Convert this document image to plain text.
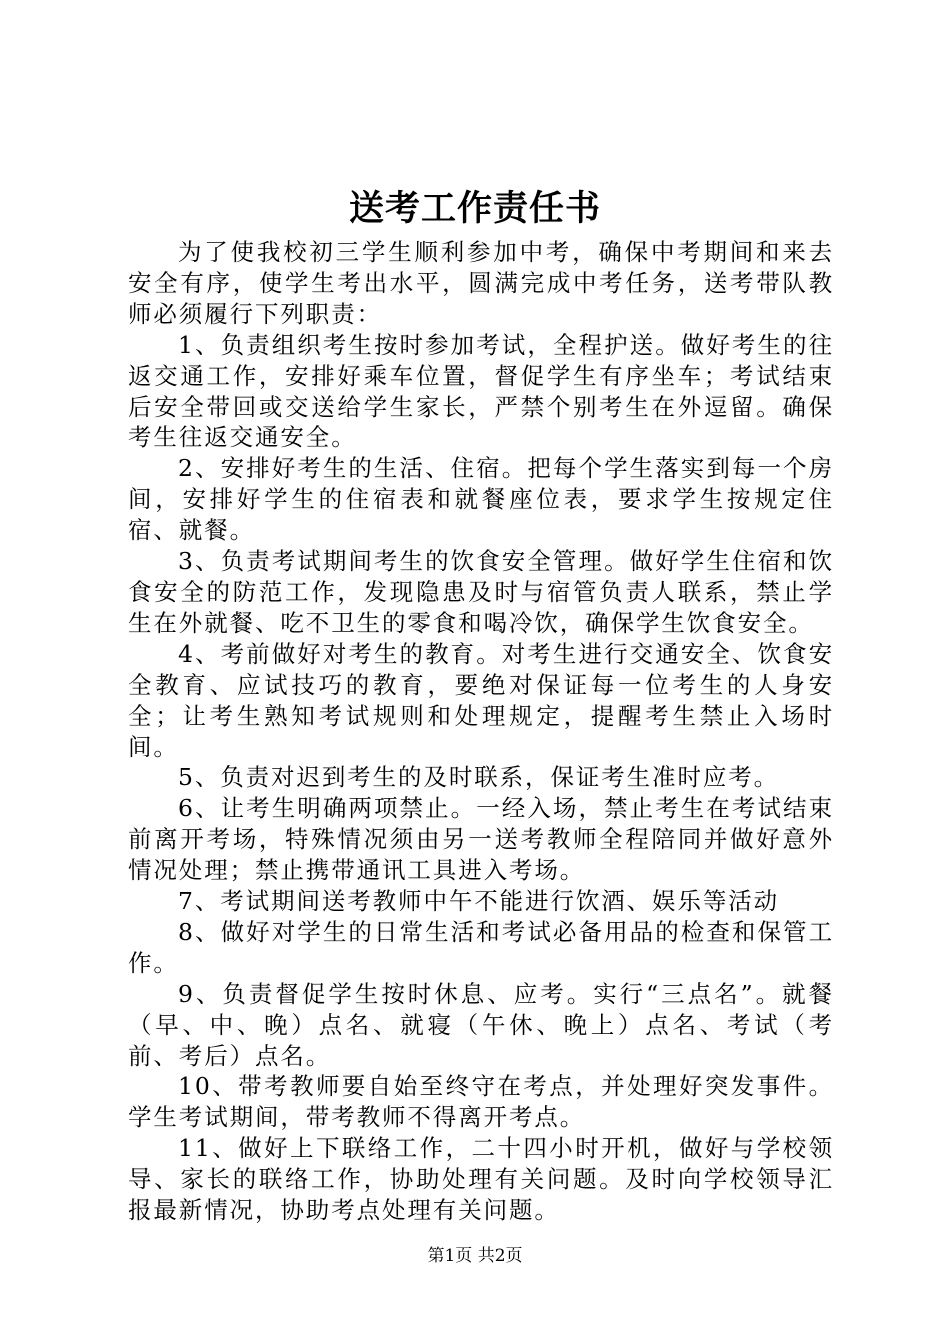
送考工作责任书

为了使我校初三学生顺利参加中考，确保中考期间和来去安全有序，使学生考出水平，圆满完成中考任务，送考带队教师必须履行下列职责：

1、负责组织考生按时参加考试，全程护送。做好考生的往返交通工作，安排好乘车位置，督促学生有序坐车；考试结束后安全带回或交送给学生家长，严禁个别考生在外逗留。确保考生往返交通安全。

2、安排好考生的生活、住宿。把每个学生落实到每一个房间，安排好学生的住宿表和就餐座位表，要求学生按规定住宿、就餐。

3、负责考试期间考生的饮食安全管理。做好学生住宿和饮食安全的防范工作，发现隐患及时与宿管负责人联系，禁止学生在外就餐、吃不卫生的零食和喝冷饮，确保学生饮食安全。

4、考前做好对考生的教育。对考生进行交通安全、饮食安全教育、应试技巧的教育，要绝对保证每一位考生的人身安全；让考生熟知考试规则和处理规定，提醒考生禁止入场时间。

5、负责对迟到考生的及时联系，保证考生准时应考。

6、让考生明确两项禁止。一经入场，禁止考生在考试结束前离开考场，特殊情况须由另一送考教师全程陪同并做好意外情况处理；禁止携带通讯工具进入考场。

7、考试期间送考教师中午不能进行饮酒、娱乐等活动

8、做好对学生的日常生活和考试必备用品的检查和保管工作。

9、负责督促学生按时休息、应考。实行“三点名”。就餐（早、中、晚）点名、就寝（午休、晚上）点名、考试（考前、考后）点名。

10、带考教师要自始至终守在考点，并处理好突发事件。学生考试期间，带考教师不得离开考点。

11、做好上下联络工作，二十四小时开机，做好与学校领导、家长的联络工作，协助处理有关问题。及时向学校领导汇报最新情况，协助考点处理有关问题。

第1页 共2页
